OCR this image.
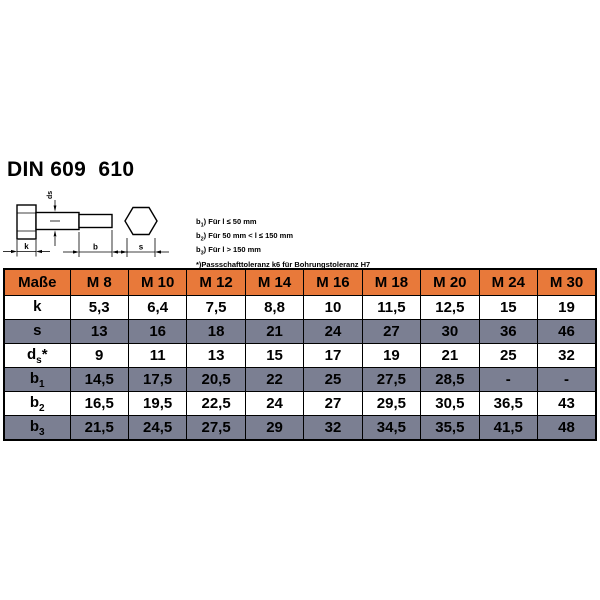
DIN 609  610
ds
k	b	s
$b_1$) Für l ≤ 50 mm
$b_2$) Für 50 mm < l ≤ 150 mm
$b_3$) Für l > 150 mm
*)Passschafttoleranz k6 für Bohrungstoleranz H7
Maße	M 8	M 10	M 12	M 14	M 16	M 18	M 20	M 24	M 30
k	5,3	6,4	7,5	8,8	10	11,5	12,5	15	19
s	13	16	18	21	24	27	30	36	46
$d_s*$	9	11	13	15	17	19	21	25	32
$b_1$	14,5	17,5	20,5	22	25	27,5	28,5	-	-
$b_2$	16,5	19,5	22,5	24	27	29,5	30,5	36,5	43
$b_3$	21,5	24,5	27,5	29	32	34,5	35,5	41,5	48
